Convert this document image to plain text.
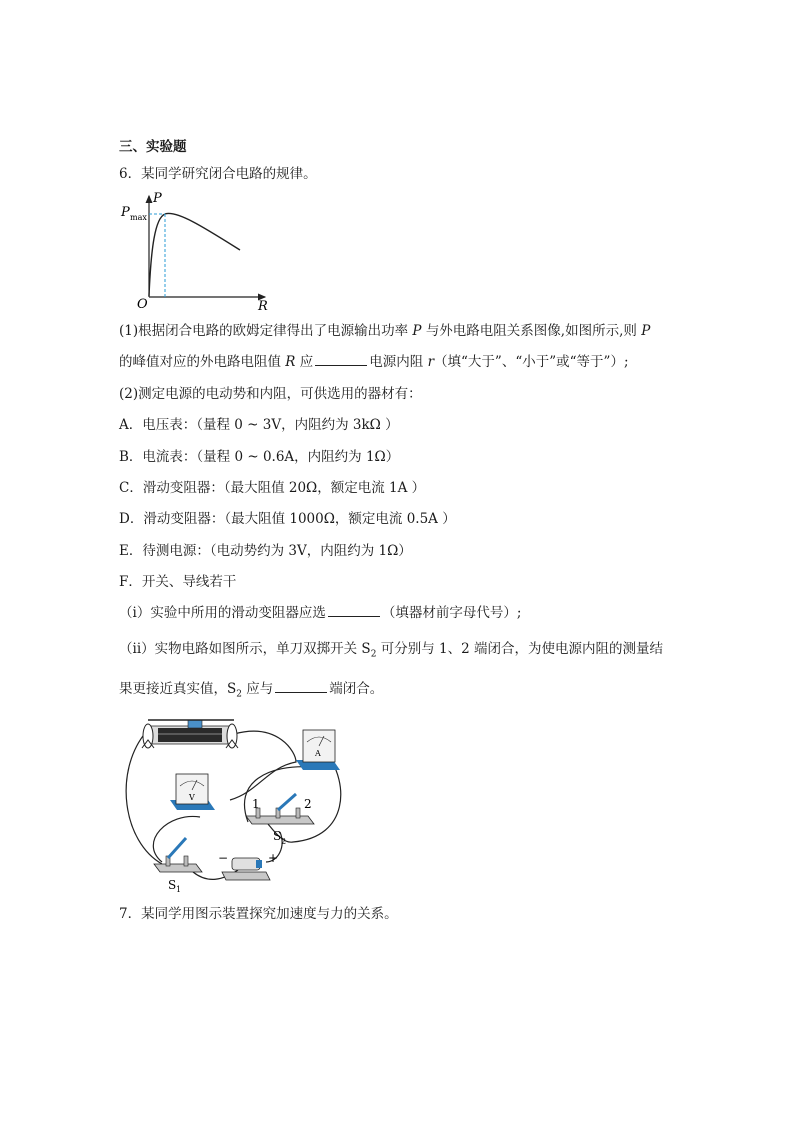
三、实验题
6．某同学研究闭合电路的规律。
P
R
O
P max
(1)根据闭合电路的欧姆定律得出了电源输出功率 P 与外电路电阻关系图像,如图所示,则 P
的峰值对应的外电路电阻值 R 应	电源内阻 r（填“大于”、“小于”或“等于”）;
(2)测定电源的电动势和内阻，可供选用的器材有：
A．电压表：（量程 0 ~ 3V，内阻约为 3kΩ ）
B．电流表：（量程 0 ~ 0.6A，内阻约为 1Ω）
C．滑动变阻器：（最大阻值 20Ω，额定电流 1A ）
D．滑动变阻器：（最大阻值 1000Ω，额定电流 0.5A ）
E．待测电源：（电动势约为 3V，内阻约为 1Ω）
F．开关、导线若干
（i）实验中所用的滑动变阻器应选	（填器材前字母代号）;
（ii）实物电路如图所示，单刀双掷开关 $S_2$ 可分别与 1、2 端闭合，为使电源内阻的测量结
果更接近真实值，$S_2$ 应与	端闭合。
A
V	1	2
S 2
S 1
−	+
7．某同学用图示装置探究加速度与力的关系。
